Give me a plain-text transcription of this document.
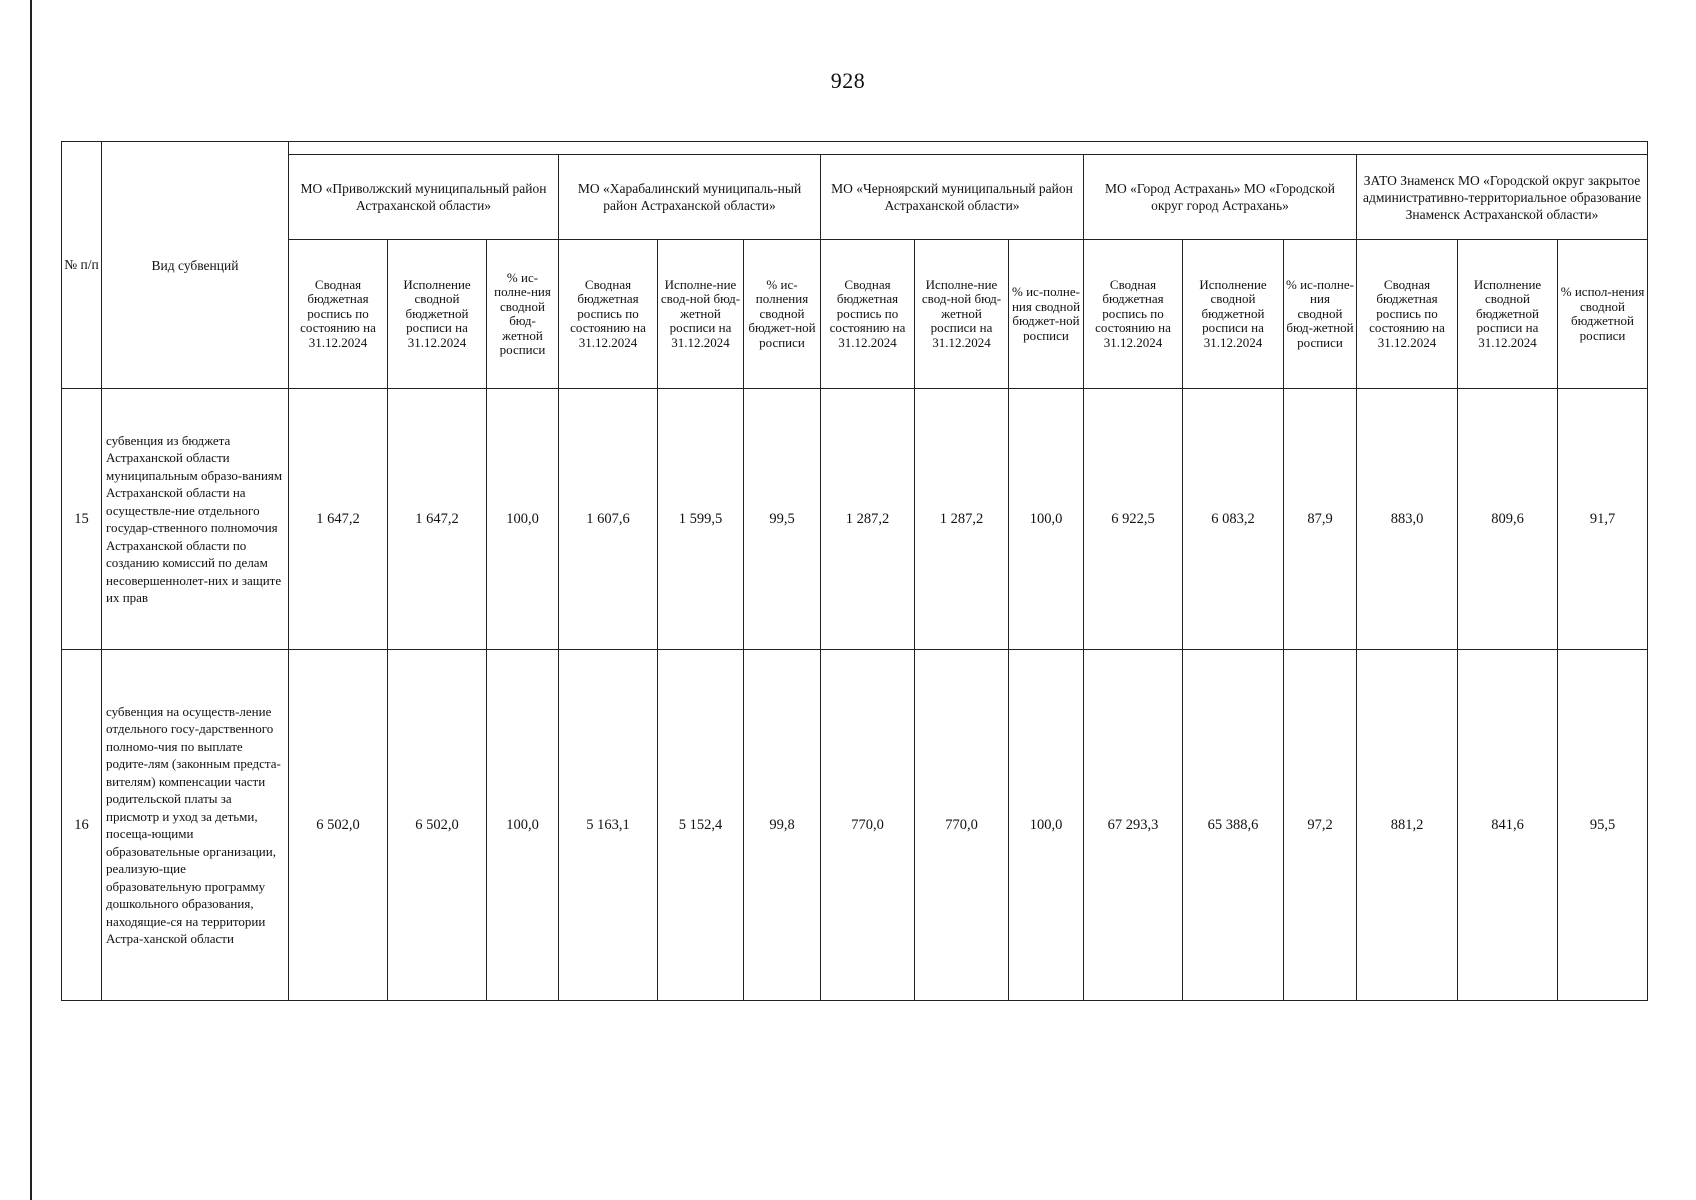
928
№ п/п	Вид субвенций															
		МО «Приволжский муниципальный район Астраханской области»			МО «Харабалинский муниципаль-ный район Астраханской области»			МО «Черноярский муниципальный район Астраханской области»			МО «Город Астрахань» МО «Городской округ город Астрахань»			ЗАТО Знаменск МО «Городской округ закрытое административно-территориальное образование Знаменск Астраханской области»		
		Сводная бюджетная роспись по состоянию на 31.12.2024	Исполнение сводной бюджетной росписи на 31.12.2024	% ис-полне-ния сводной бюд-жетной росписи	Сводная бюджетная роспись по состоянию на 31.12.2024	Исполне-ние свод-ной бюд-жетной росписи на 31.12.2024	% ис-полнения сводной бюджет-ной росписи	Сводная бюджетная роспись по состоянию на 31.12.2024	Исполне-ние свод-ной бюд-жетной росписи на 31.12.2024	% ис-полне-ния сводной бюджет-ной росписи	Сводная бюджетная роспись по состоянию на 31.12.2024	Исполнение сводной бюджетной росписи на 31.12.2024	% ис-полне-ния сводной бюд-жетной росписи	Сводная бюджетная роспись по состоянию на 31.12.2024	Исполнение сводной бюджетной росписи на 31.12.2024	% испол-нения сводной бюджетной росписи
15	субвенция из бюджета Астраханской области муниципальным образо-ваниям Астраханской области на осуществле-ние отдельного государ-ственного полномочия Астраханской области по созданию комиссий по делам несовершеннолет-них и защите их прав	1 647,2	1 647,2	100,0	1 607,6	1 599,5	99,5	1 287,2	1 287,2	100,0	6 922,5	6 083,2	87,9	883,0	809,6	91,7
16	субвенция на осуществ-ление отдельного госу-дарственного полномо-чия по выплате родите-лям (законным предста-вителям) компенсации части родительской платы за присмотр и уход за детьми, посеща-ющими образовательные организации, реализую-щие образовательную программу дошкольного образования, находящие-ся на территории Астра-ханской области	6 502,0	6 502,0	100,0	5 163,1	5 152,4	99,8	770,0	770,0	100,0	67 293,3	65 388,6	97,2	881,2	841,6	95,5
